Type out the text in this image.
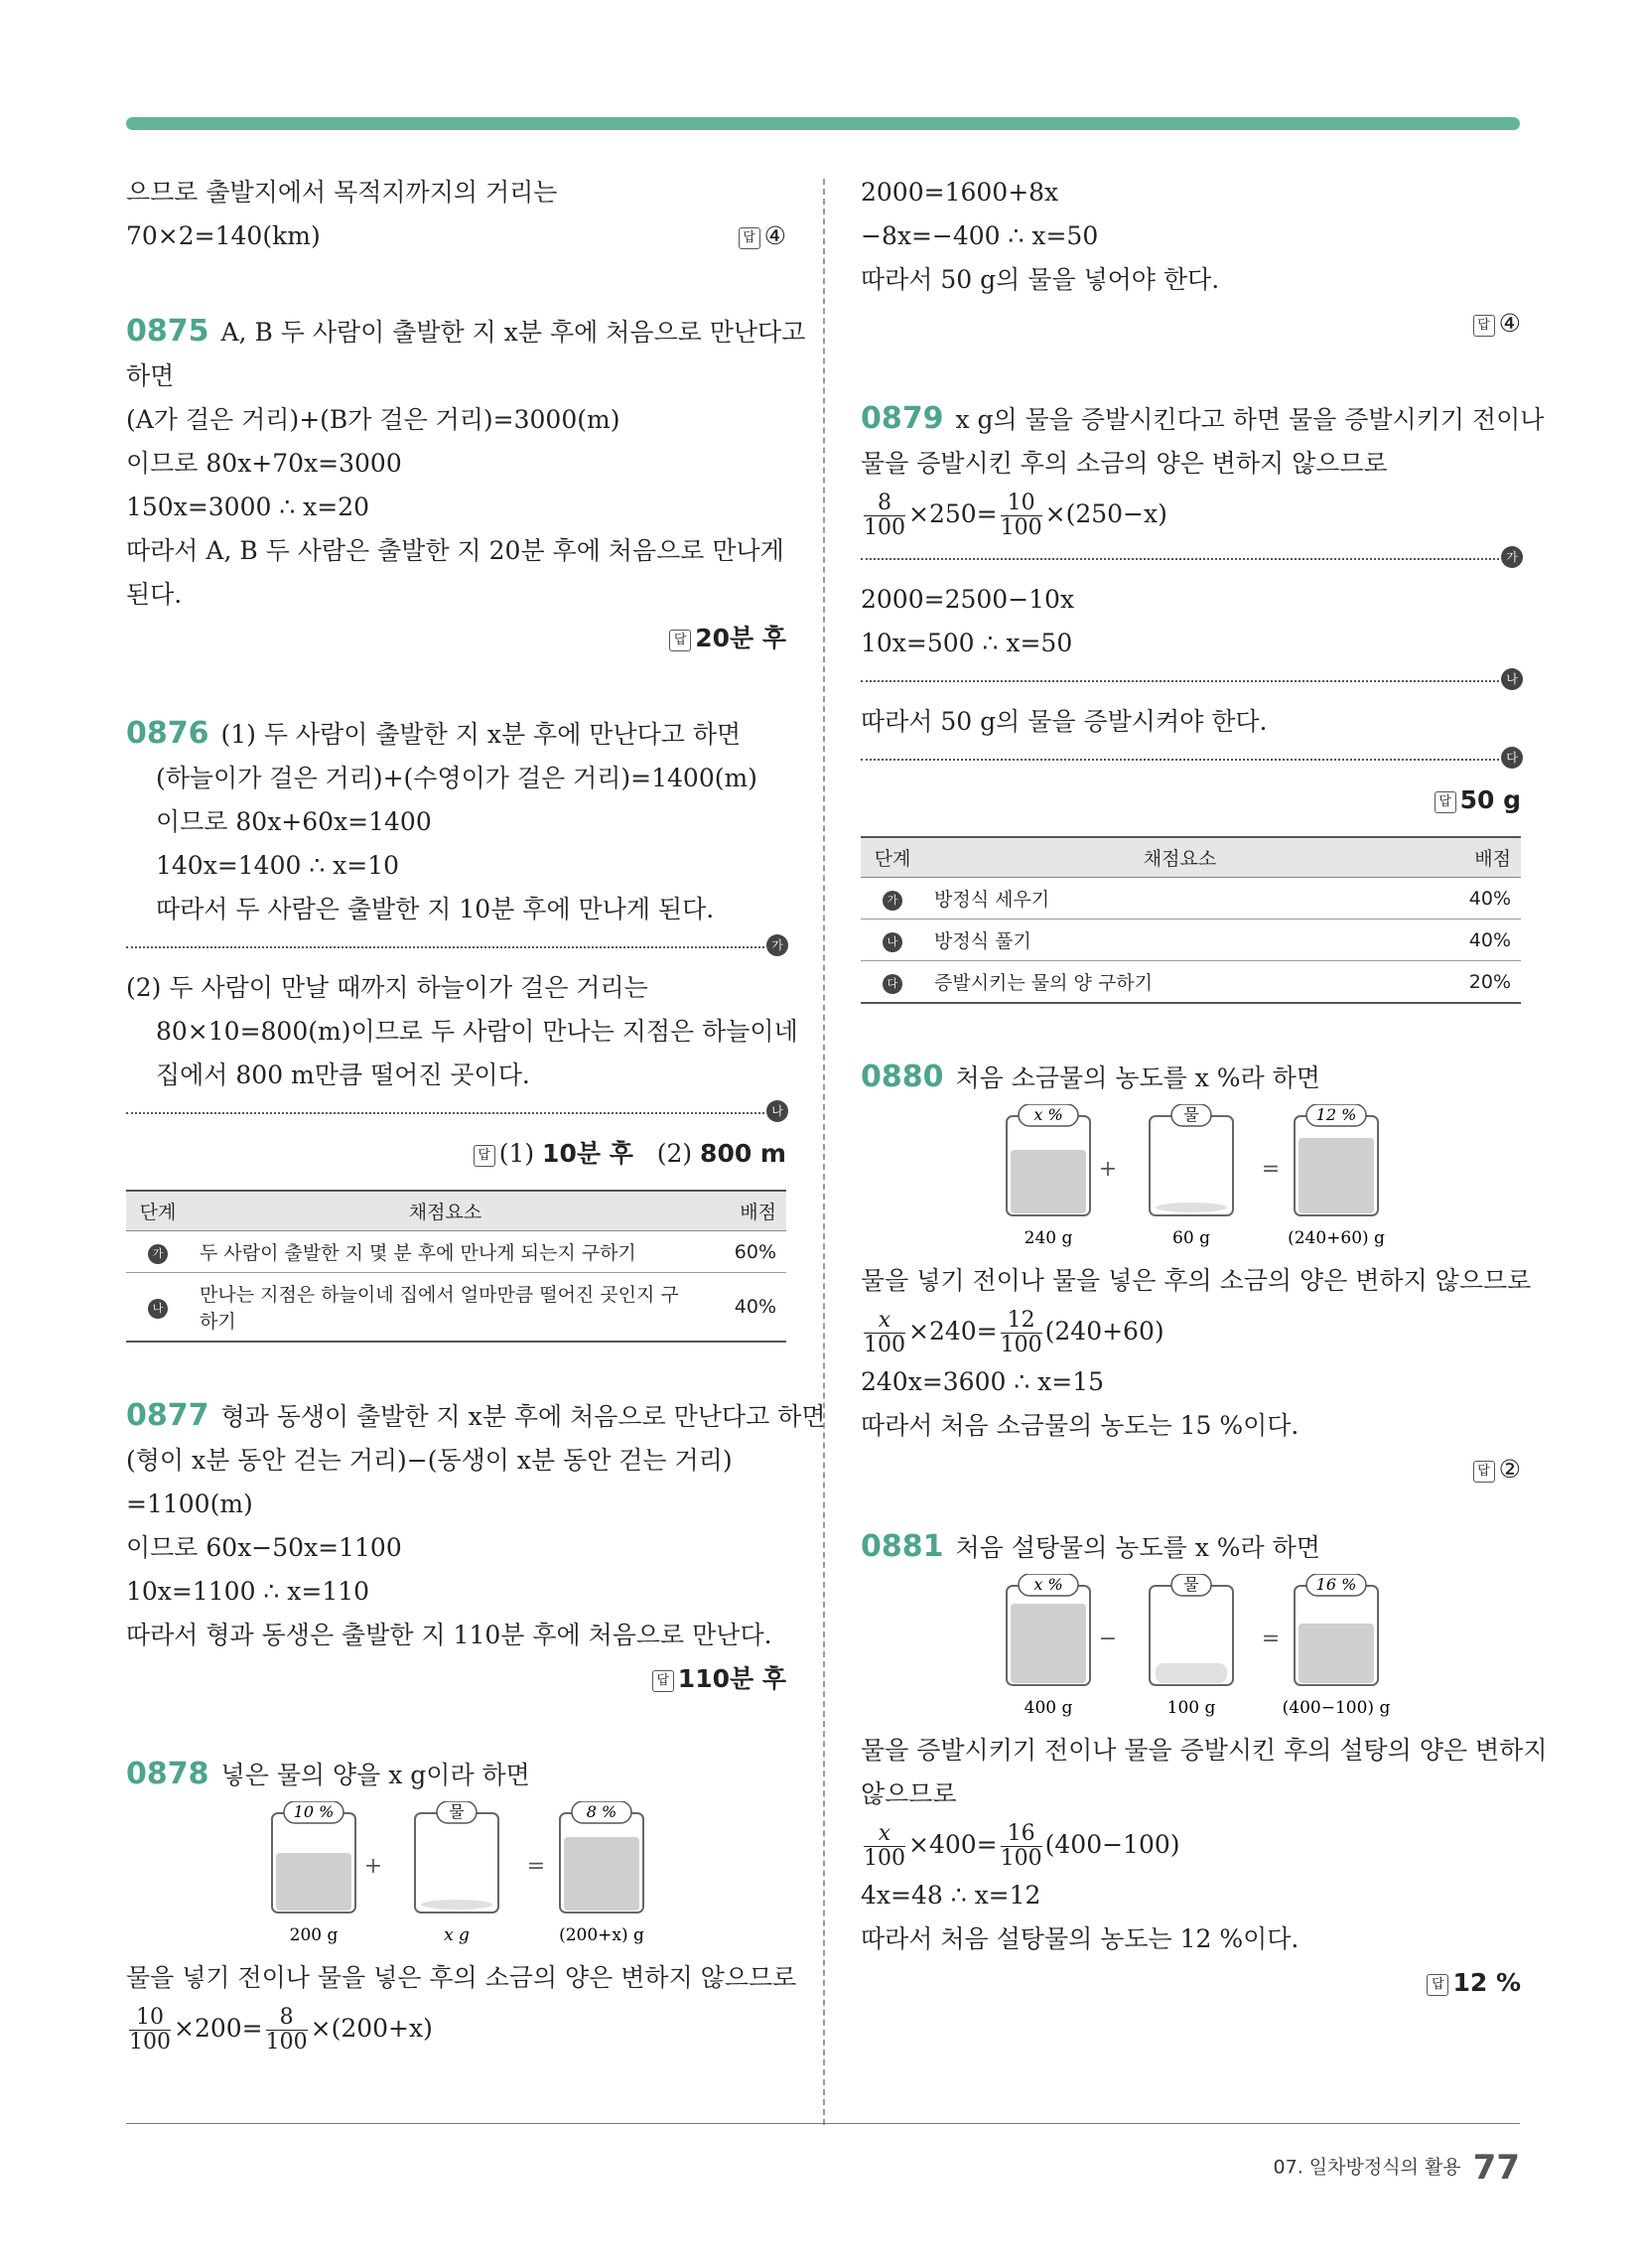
으므로 출발지에서 목적지까지의 거리는
70×2=140(km)	답 ④
0875 A, B 두 사람이 출발한 지 x분 후에 처음으로 만난다고
하면
(A가 걸은 거리)+(B가 걸은 거리)=3000(m)
이므로 80x+70x=3000
150x=3000 ∴ x=20
따라서 A, B 두 사람은 출발한 지 20분 후에 처음으로 만나게
된다.
답 20분 후
0876 (1) 두 사람이 출발한 지 x분 후에 만난다고 하면
(하늘이가 걸은 거리)+(수영이가 걸은 거리)=1400(m)
이므로 80x+60x=1400
140x=1400 ∴ x=10
따라서 두 사람은 출발한 지 10분 후에 만나게 된다.
가
(2) 두 사람이 만날 때까지 하늘이가 걸은 거리는
80×10=800(m)이므로 두 사람이 만나는 지점은 하늘이네
집에서 800 m만큼 떨어진 곳이다.
나
답 (1) 10분 후 (2) 800 m
단계	채점요소	배점
가	두 사람이 출발한 지 몇 분 후에 만나게 되는지 구하기	60%
나	만나는 지점은 하늘이네 집에서 얼마만큼 떨어진 곳인지 구하기	40%
0877 형과 동생이 출발한 지 x분 후에 처음으로 만난다고 하면
(형이 x분 동안 걷는 거리)−(동생이 x분 동안 걷는 거리)
=1100(m)
이므로 60x−50x=1100
10x=1100 ∴ x=110
따라서 형과 동생은 출발한 지 110분 후에 처음으로 만난다.
답 110분 후
0878 넣은 물의 양을 x g이라 하면
10 %
200 g
+
물
x g
=
8 %
(200+x) g
물을 넣기 전이나 물을 넣은 후의 소금의 양은 변하지 않으므로
$\frac{10}{100} \times 200= \frac{8}{100} \times(200+x)$
2000=1600+8x
−8x=−400 ∴ x=50
따라서 50 g의 물을 넣어야 한다.
답 ④
0879 x g의 물을 증발시킨다고 하면 물을 증발시키기 전이나
물을 증발시킨 후의 소금의 양은 변하지 않으므로
$\frac{8}{100} \times 250= \frac{10}{100} \times(250-x)$
가
2000=2500−10x
10x=500 ∴ x=50
나
따라서 50 g의 물을 증발시켜야 한다.
다
답 50 g
단계	채점요소	배점
가	방정식 세우기	40%
나	방정식 풀기	40%
다	증발시키는 물의 양 구하기	20%
0880 처음 소금물의 농도를 x %라 하면
x %
240 g
+
물
60 g
=
12 %
(240+60) g
물을 넣기 전이나 물을 넣은 후의 소금의 양은 변하지 않으므로
$\frac{x}{100} \times 240= \frac{12}{100} (240+60)$
240x=3600 ∴ x=15
따라서 처음 소금물의 농도는 15 %이다.
답 ②
0881 처음 설탕물의 농도를 x %라 하면
x %
400 g
−
물
100 g
=
16 %
(400−100) g
물을 증발시키기 전이나 물을 증발시킨 후의 설탕의 양은 변하지
않으므로
$\frac{x}{100} \times 400= \frac{16}{100} (400-100)$
4x=48 ∴ x=12
따라서 처음 설탕물의 농도는 12 %이다.
답 12 %
07. 일차방정식의 활용 77
